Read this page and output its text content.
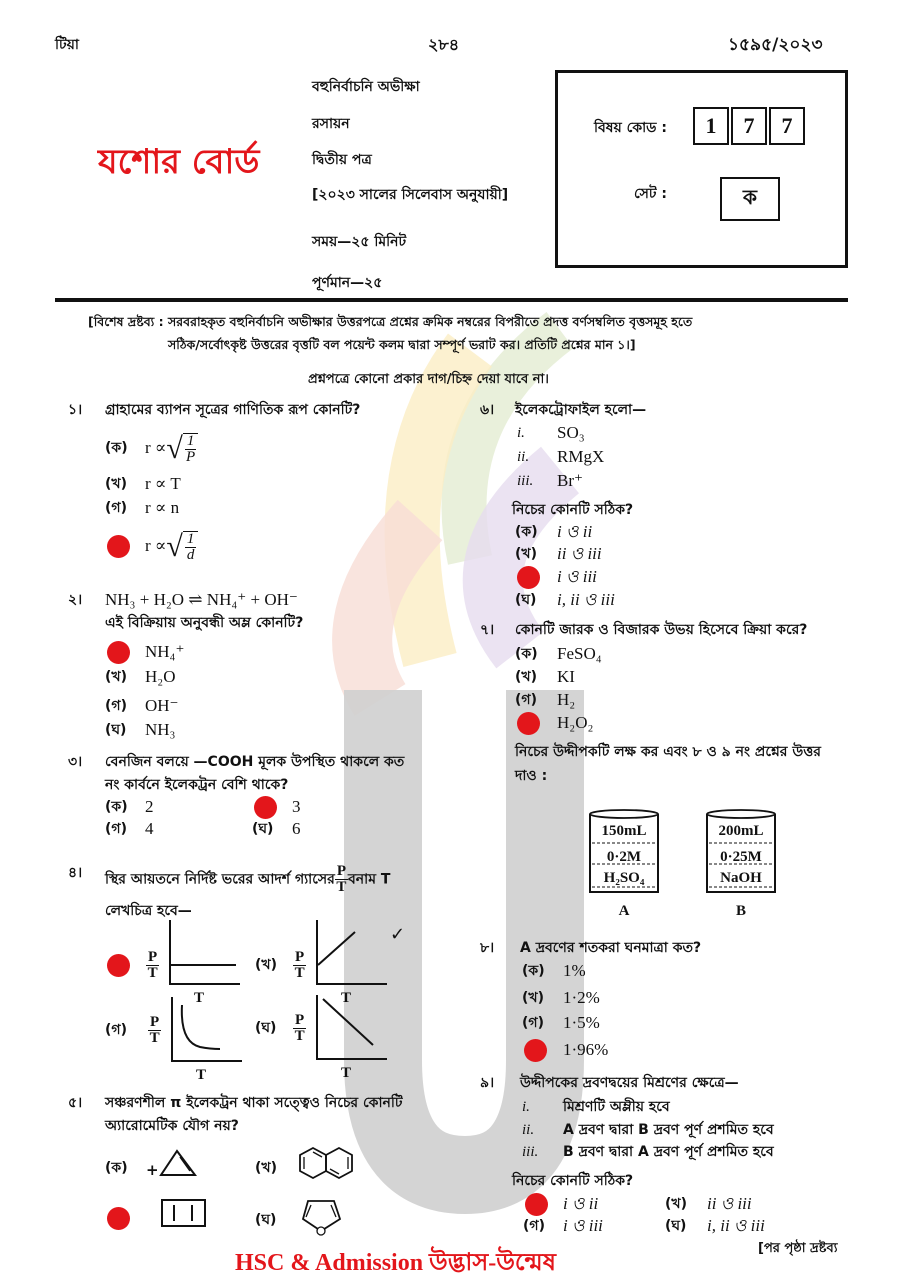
টিয়া	২৮৪	১৫৯৫/২০২৩
যশোর বোর্ড
বহুনির্বাচনি অভীক্ষা
রসায়ন
দ্বিতীয় পত্র
[২০২৩ সালের সিলেবাস অনুযায়ী]
সময়—২৫ মিনিট
পূর্ণমান—২৫
বিষয় কোড :	1	7	7
সেট :	ক
[বিশেষ দ্রষ্টব্য : সরবরাহকৃত বহুনির্বাচনি অভীক্ষার উত্তরপত্রে প্রশ্নের ক্রমিক নম্বরের বিপরীতে প্রদত্ত বর্ণসম্বলিত বৃত্তসমূহ হতে
সঠিক/সর্বোৎকৃষ্ট উত্তরের বৃত্তটি বল পয়েন্ট কলম দ্বারা সম্পূর্ণ ভরাট কর। প্রতিটি প্রশ্নের মান ১।]
প্রশ্নপত্রে কোনো প্রকার দাগ/চিহ্ন দেয়া যাবে না।
১। গ্রাহামের ব্যাপন সূত্রের গাণিতিক রূপ কোনটি?
(ক) r ∝ √ $\frac{1}{P}$
(খ) r ∝ T
(গ) r ∝ n
r ∝ √ $\frac{1}{d}$
২। NH₃ + H₂O ⇌ NH₄⁺ + OH⁻
এই বিক্রিয়ায় অনুবন্ধী অম্ল কোনটি?
NH₄⁺
(খ) H₂O
(গ) OH⁻
(ঘ) NH₃
৩। বেনজিন বলয়ে —COOH মূলক উপস্থিত থাকলে কত
নং কার্বনে ইলেকট্রন বেশি থাকে?
(ক) 2	3
(গ) 4	(ঘ) 6
৪। স্থির আয়তনে নির্দিষ্ট ভরের আদর্শ গ্যাসের $\frac{P}{T}$ বনাম T
লেখচিত্র হবে—
$\frac{P}{T}$
T
(খ) $\frac{P}{T}$
T
(গ) $\frac{P}{T}$
T
(ঘ) $\frac{P}{T}$
T
✓
৫। সঞ্চরণশীল π ইলেকট্রন থাকা সত্ত্বেও নিচের কোনটি
অ্যারোমেটিক যৌগ নয়?
(ক) +	(খ)
(ঘ)
৬। ইলেকট্রোফাইল হলো—
i. SO₃
ii. RMgX
iii. Br⁺
নিচের কোনটি সঠিক?
(ক) i ও ii
(খ) ii ও iii
i ও iii
(ঘ) i, ii ও iii
৭। কোনটি জারক ও বিজারক উভয় হিসেবে ক্রিয়া করে?
(ক) FeSO₄
(খ) KI
(গ) H₂
H₂O₂
নিচের উদ্দীপকটি লক্ষ কর এবং ৮ ও ৯ নং প্রশ্নের উত্তর
দাও :
150mL
0·2M
H₂SO₄
A
200mL
0·25M
NaOH
B
৮। A দ্রবণের শতকরা ঘনমাত্রা কত?
(ক) 1%
(খ) 1·2%
(গ) 1·5%
1·96%
৯। উদ্দীপকের দ্রবণদ্বয়ের মিশ্রণের ক্ষেত্রে—
i. মিশ্রণটি অম্লীয় হবে
ii. A দ্রবণ দ্বারা B দ্রবণ পূর্ণ প্রশমিত হবে
iii. B দ্রবণ দ্বারা A দ্রবণ পূর্ণ প্রশমিত হবে
নিচের কোনটি সঠিক?
i ও ii	(খ) ii ও iii
(গ) i ও iii	(ঘ) i, ii ও iii
HSC & Admission উদ্ভাস-উন্মেষ
[পর পৃষ্ঠা দ্রষ্টব্য
